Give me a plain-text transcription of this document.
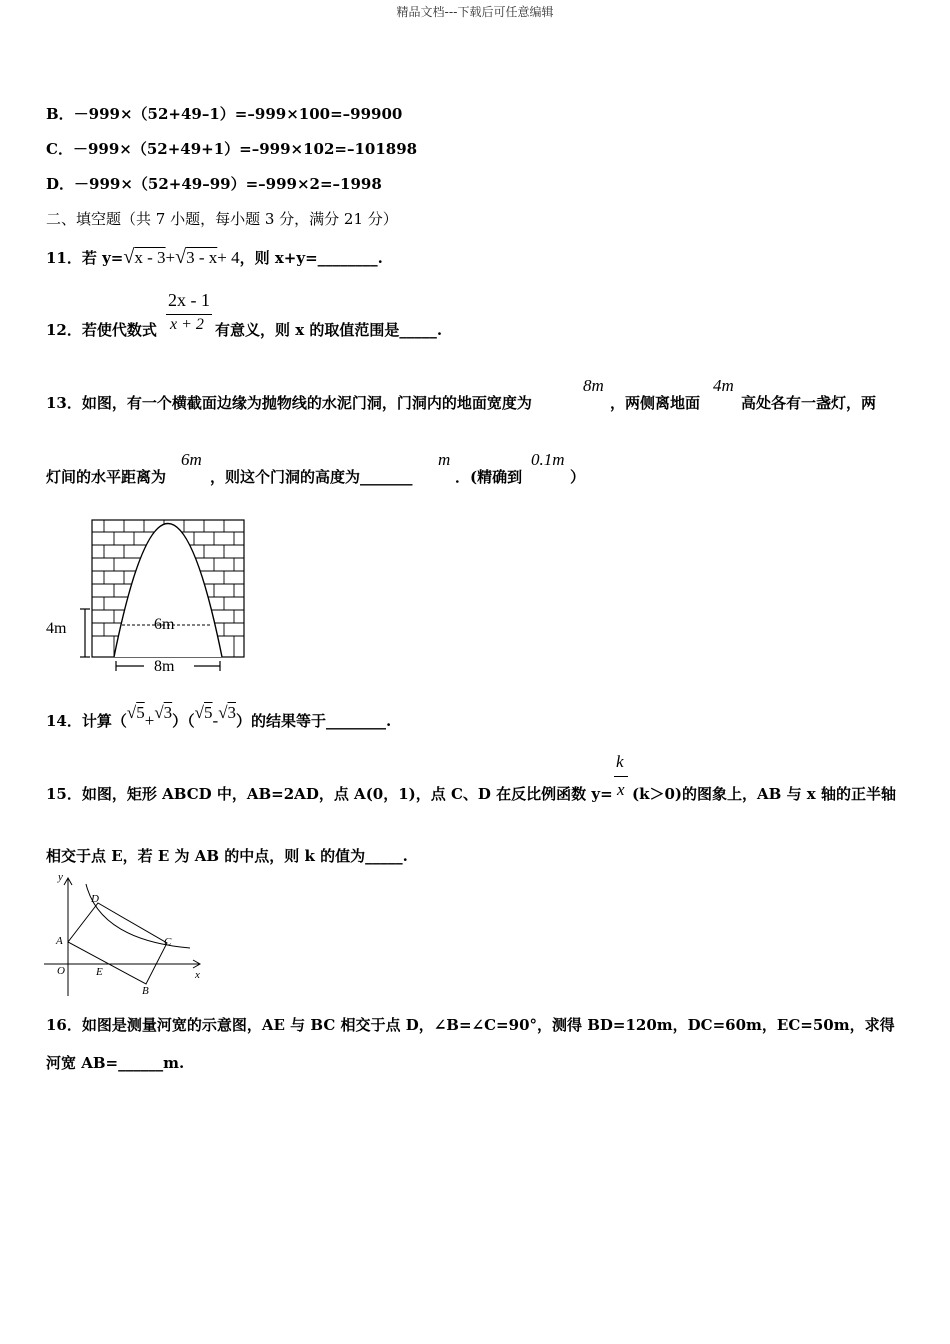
精品文档---下载后可任意编辑
B．－999×（52+49–1）=–999×100=–99900
C．－999×（52+49+1）=–999×102=–101898
D．－999×（52+49–99）=–999×2=–1998
二、填空题（共 7 小题，每小题 3 分，满分 21 分）
11．若 y=√x - 3+√3 - x+ 4，则 x+y=________.
2x - 1
x + 2
12．若使代数式	有意义，则 x 的取值范围是_____.
13．如图，有一个横截面边缘为抛物线的水泥门洞，门洞内的地面宽度为
8m
，两侧离地面
4m
高处各有一盏灯，两
灯间的水平距离为
6m
，则这个门洞的高度为_______
m
．(精确到
0.1m
）
4m	6m
8m
14．计算（√5+√3）（√5-√3）的结果等于________.
k
x
15．如图，矩形 ABCD 中，AB=2AD，点 A(0，1)，点 C、D 在反比例函数 y= (k＞0)的图象上，AB 与 x 轴的正半轴
相交于点 E，若 E 为 AB 的中点，则 k 的值为_____.
y
x
O
A
D
C
B
E
16．如图是测量河宽的示意图，AE 与 BC 相交于点 D，∠B=∠C=90°，测得 BD=120m，DC=60m，EC=50m，求得
河宽 AB=______m.
